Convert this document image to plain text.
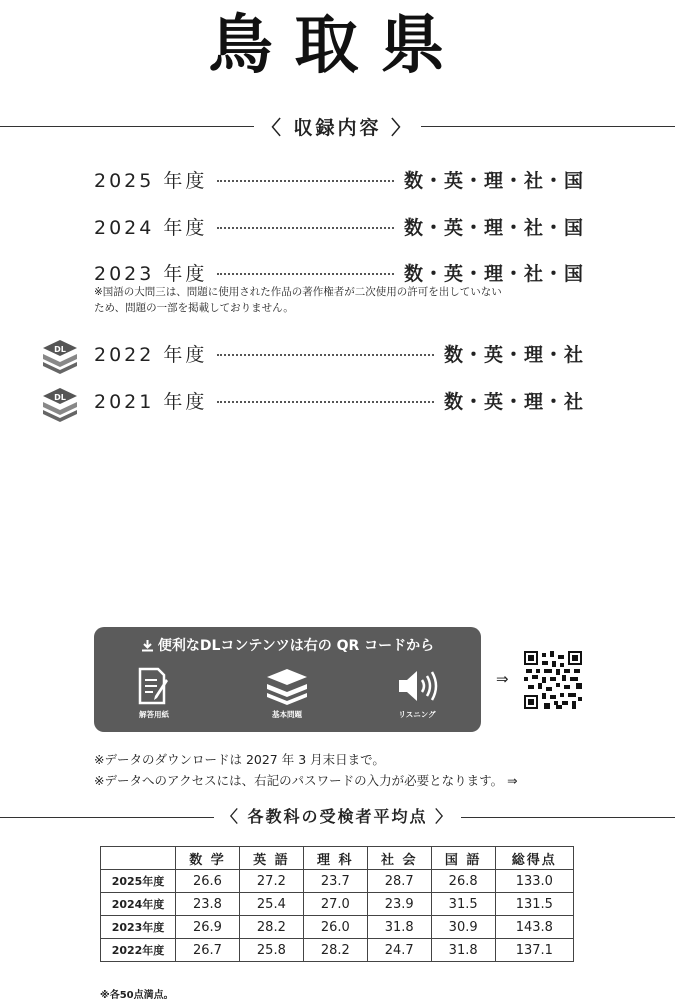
鳥取県
〈 収録内容 〉
2025 年度	数・英・理・社・国
2024 年度	数・英・理・社・国
2023 年度	数・英・理・社・国
※国語の大問三は、問題に使用された作品の著作権者が二次使用の許可を出していない
ため、問題の一部を掲載しておりません。
DL 2022 年度	数・英・理・社
DL 2021 年度	数・英・理・社
便利なDLコンテンツは右の QR コードから
解答用紙	基本問題	リスニング
⇒
※データのダウンロードは 2027 年 3 月末日まで。
※データへのアクセスには、右記のパスワードの入力が必要となります。 ⇒
〈 各教科の受検者平均点 〉
	数 学	英 語	理 科	社 会	国 語	総得点
2025年度	26.6	27.2	23.7	28.7	26.8	133.0
2024年度	23.8	25.4	27.0	23.9	31.5	131.5
2023年度	26.9	28.2	26.0	31.8	30.9	143.8
2022年度	26.7	25.8	28.2	24.7	31.8	137.1
※各50点満点。
